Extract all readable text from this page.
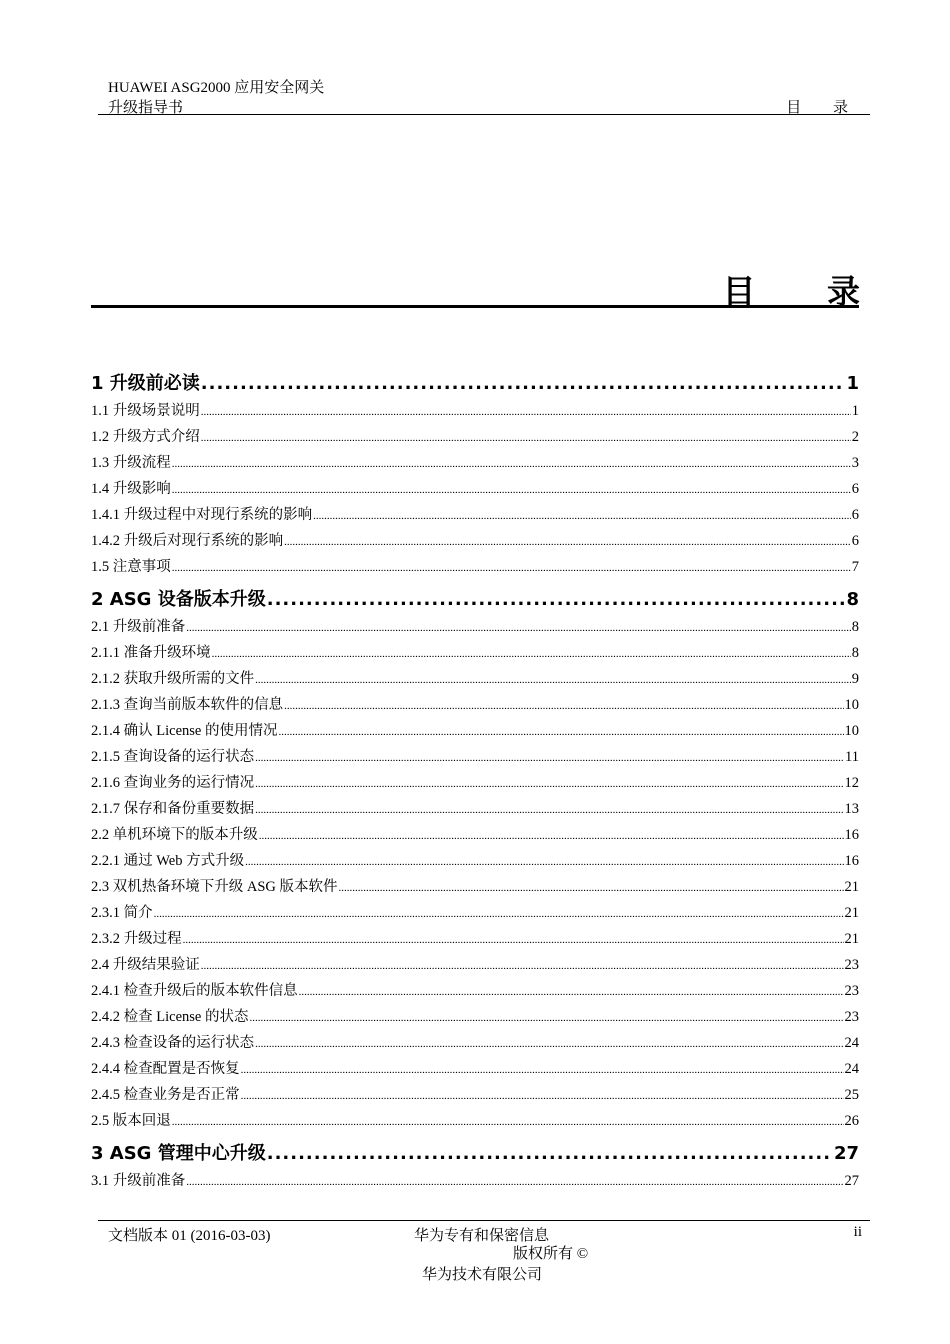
HUAWEI ASG2000 应用安全网关
升级指导书	目 录
目 录
1 升级前必读 .....	1
1.1 升级场景说明 .....	1
1.2 升级方式介绍 .....	2
1.3 升级流程 .....	3
1.4 升级影响 .....	6
1.4.1 升级过程中对现行系统的影响 .....	6
1.4.2 升级后对现行系统的影响 .....	6
1.5 注意事项 .....	7
2 ASG 设备版本升级 .....	8
2.1 升级前准备 .....	8
2.1.1 准备升级环境 .....	8
2.1.2 获取升级所需的文件 .....	9
2.1.3 查询当前版本软件的信息 .....	10
2.1.4 确认 License 的使用情况 .....	10
2.1.5 查询设备的运行状态 .....	11
2.1.6 查询业务的运行情况 .....	12
2.1.7 保存和备份重要数据 .....	13
2.2 单机环境下的版本升级 .....	16
2.2.1 通过 Web 方式升级 .....	16
2.3 双机热备环境下升级 ASG 版本软件 .....	21
2.3.1 简介 .....	21
2.3.2 升级过程 .....	21
2.4 升级结果验证 .....	23
2.4.1 检查升级后的版本软件信息 .....	23
2.4.2 检查 License 的状态 .....	23
2.4.3 检查设备的运行状态 .....	24
2.4.4 检查配置是否恢复 .....	24
2.4.5 检查业务是否正常 .....	25
2.5 版本回退 .....	26
3 ASG 管理中心升级 .....	27
3.1 升级前准备 .....	27
文档版本 01 (2016-03-03)	华为专有和保密信息
版权所有 ©
华为技术有限公司
ii
